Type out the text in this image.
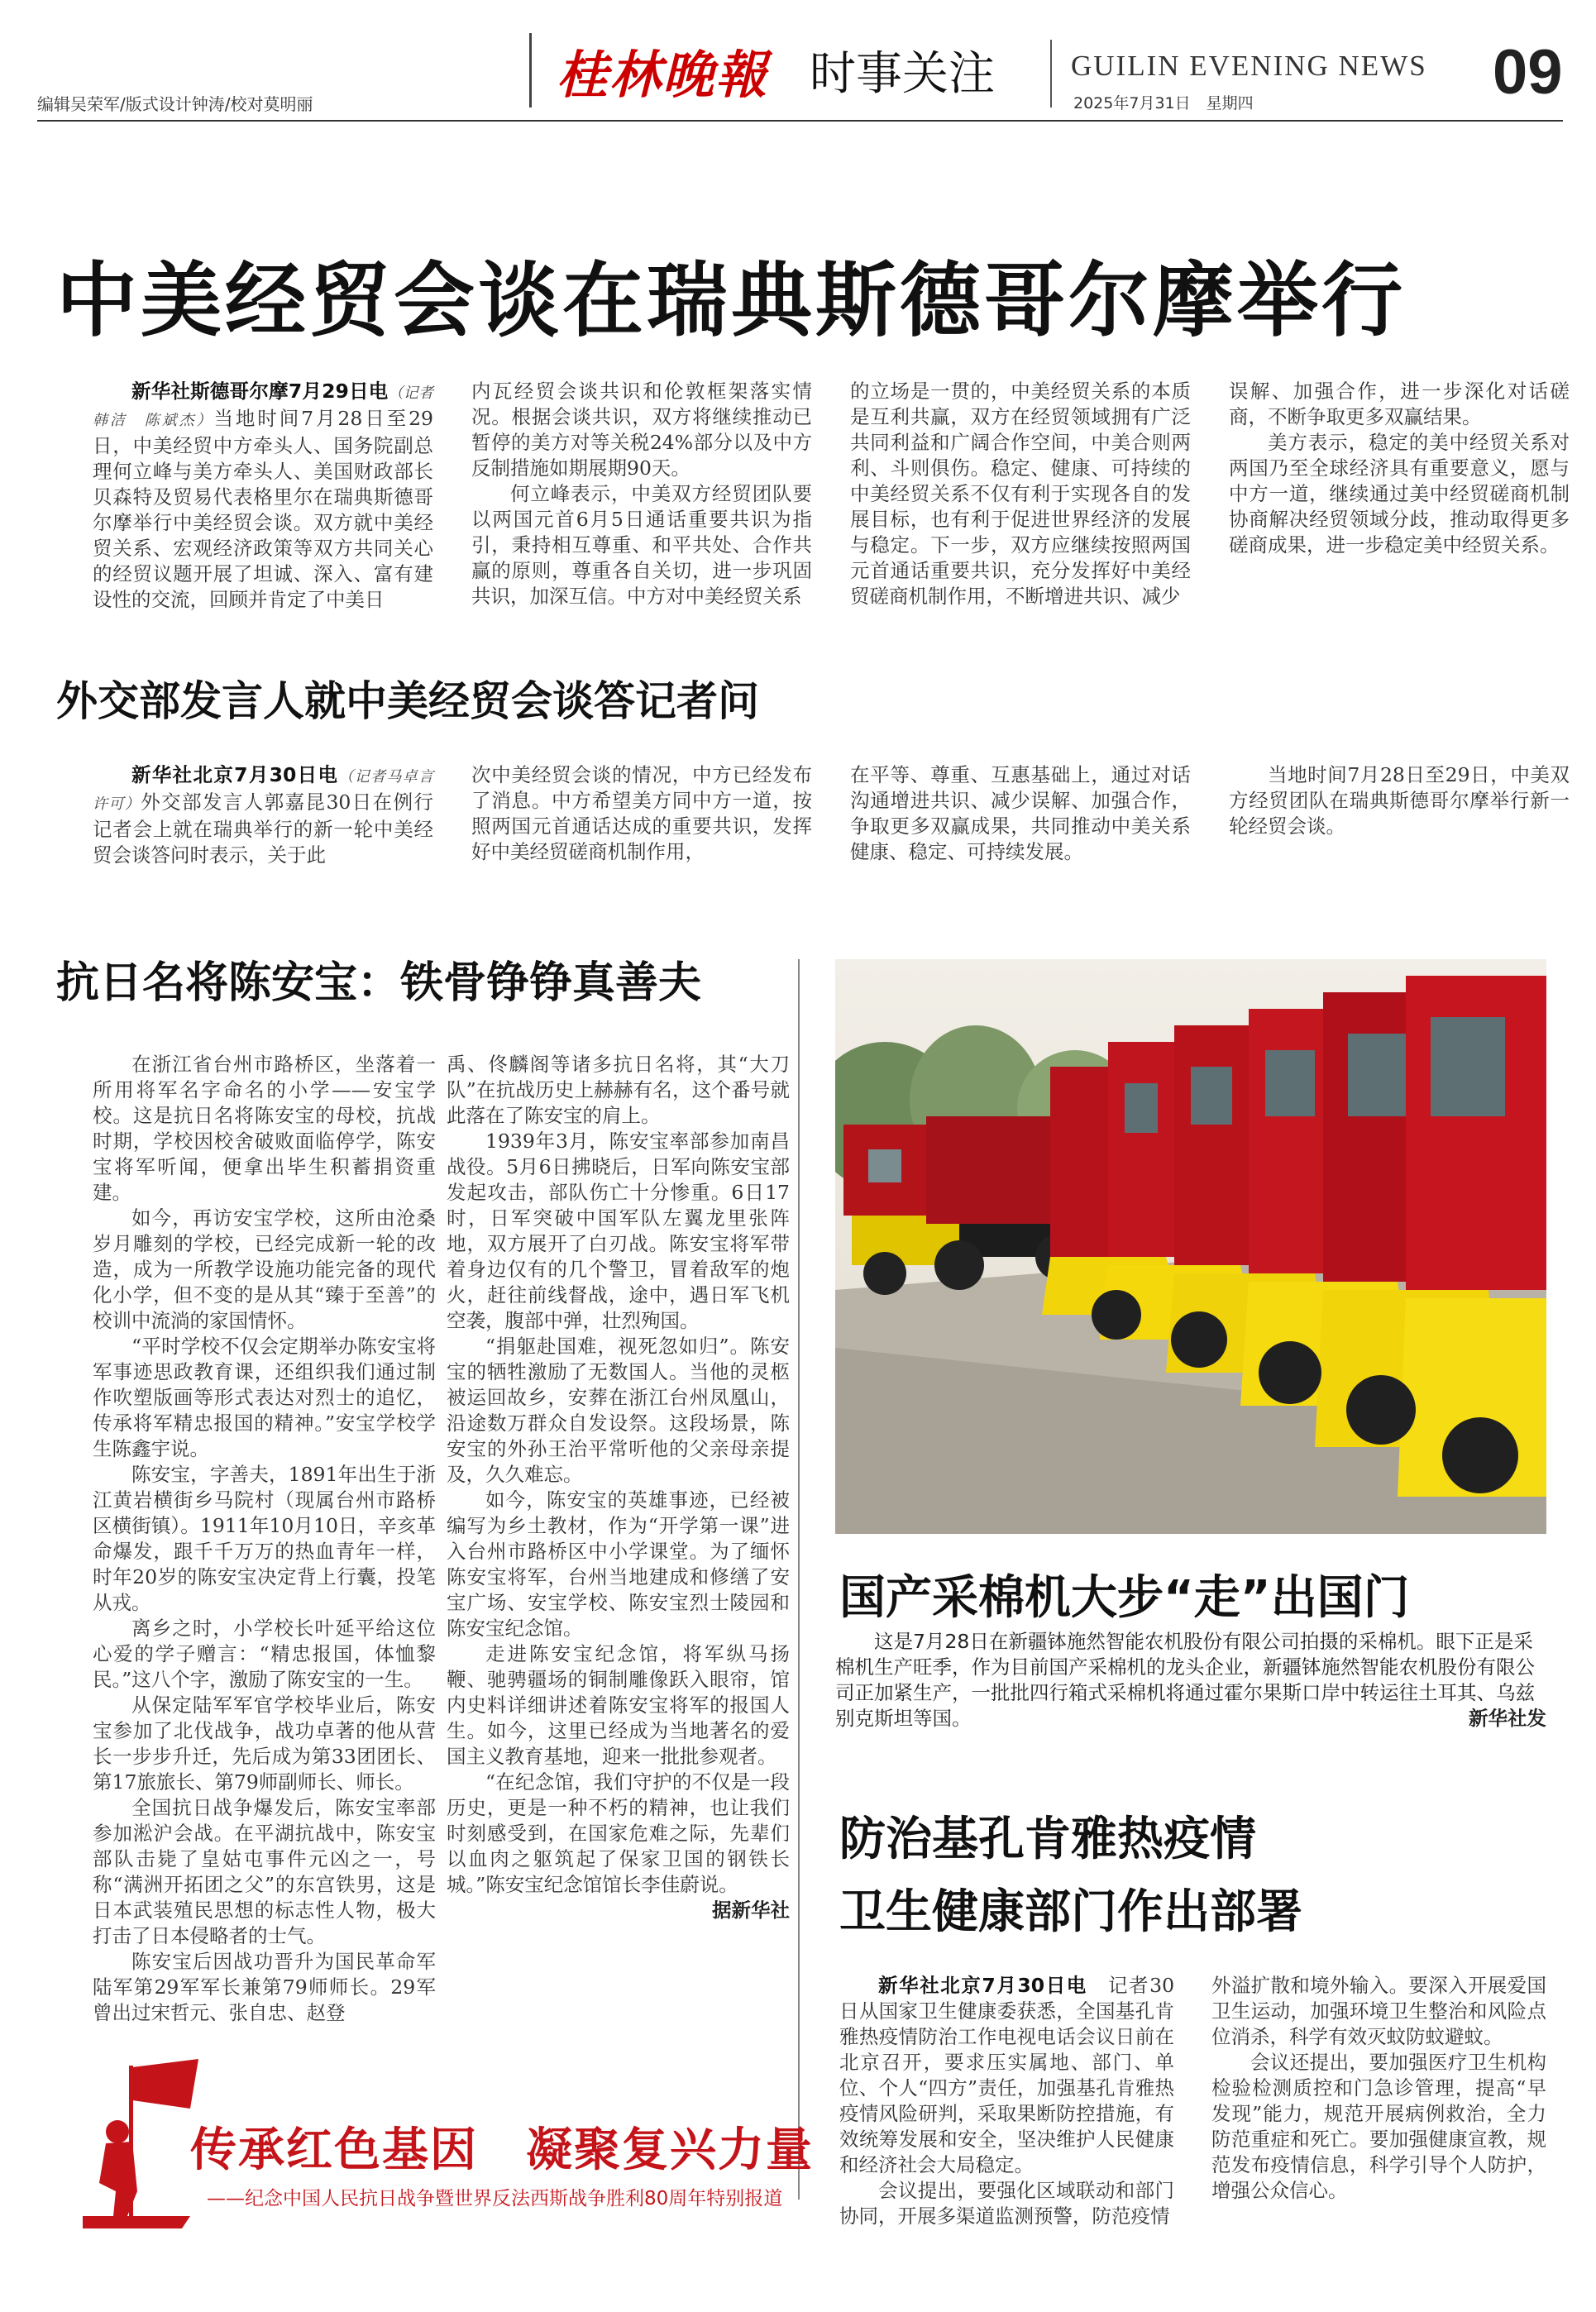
编辑吴荣军/版式设计钟涛/校对莫明丽	桂林晚報 时事关注	GUILIN EVENING NEWS
2025年7月31日　星期四	09
中美经贸会谈在瑞典斯德哥尔摩举行

新华社斯德哥尔摩7月29日电（记者韩洁　陈斌杰）当地时间7月28日至29日，中美经贸中方牵头人、国务院副总理何立峰与美方牵头人、美国财政部长贝森特及贸易代表格里尔在瑞典斯德哥尔摩举行中美经贸会谈。双方就中美经贸关系、宏观经济政策等双方共同关心的经贸议题开展了坦诚、深入、富有建设性的交流，回顾并肯定了中美日

内瓦经贸会谈共识和伦敦框架落实情况。根据会谈共识，双方将继续推动已暂停的美方对等关税24%部分以及中方反制措施如期展期90天。

何立峰表示，中美双方经贸团队要以两国元首6月5日通话重要共识为指引，秉持相互尊重、和平共处、合作共赢的原则，尊重各自关切，进一步巩固共识，加深互信。中方对中美经贸关系

的立场是一贯的，中美经贸关系的本质是互利共赢，双方在经贸领域拥有广泛共同利益和广阔合作空间，中美合则两利、斗则俱伤。稳定、健康、可持续的中美经贸关系不仅有利于实现各自的发展目标，也有利于促进世界经济的发展与稳定。下一步，双方应继续按照两国元首通话重要共识，充分发挥好中美经贸磋商机制作用，不断增进共识、减少

误解、加强合作，进一步深化对话磋商，不断争取更多双赢结果。

美方表示，稳定的美中经贸关系对两国乃至全球经济具有重要意义，愿与中方一道，继续通过美中经贸磋商机制协商解决经贸领域分歧，推动取得更多磋商成果，进一步稳定美中经贸关系。

外交部发言人就中美经贸会谈答记者问

新华社北京7月30日电（记者马卓言　许可）外交部发言人郭嘉昆30日在例行记者会上就在瑞典举行的新一轮中美经贸会谈答问时表示，关于此

次中美经贸会谈的情况，中方已经发布了消息。中方希望美方同中方一道，按照两国元首通话达成的重要共识，发挥好中美经贸磋商机制作用，

在平等、尊重、互惠基础上，通过对话沟通增进共识、减少误解、加强合作，争取更多双赢成果，共同推动中美关系健康、稳定、可持续发展。

当地时间7月28日至29日，中美双方经贸团队在瑞典斯德哥尔摩举行新一轮经贸会谈。

抗日名将陈安宝：铁骨铮铮真善夫

在浙江省台州市路桥区，坐落着一所用将军名字命名的小学——安宝学校。这是抗日名将陈安宝的母校，抗战时期，学校因校舍破败面临停学，陈安宝将军听闻，便拿出毕生积蓄捐资重建。

如今，再访安宝学校，这所由沧桑岁月雕刻的学校，已经完成新一轮的改造，成为一所教学设施功能完备的现代化小学，但不变的是从其“臻于至善”的校训中流淌的家国情怀。

“平时学校不仅会定期举办陈安宝将军事迹思政教育课，还组织我们通过制作吹塑版画等形式表达对烈士的追忆，传承将军精忠报国的精神。”安宝学校学生陈鑫宇说。

陈安宝，字善夫，1891年出生于浙江黄岩横街乡马院村（现属台州市路桥区横街镇）。1911年10月10日，辛亥革命爆发，跟千千万万的热血青年一样，时年20岁的陈安宝决定背上行囊，投笔从戎。

离乡之时，小学校长叶延平给这位心爱的学子赠言：“精忠报国，体恤黎民。”这八个字，激励了陈安宝的一生。

从保定陆军军官学校毕业后，陈安宝参加了北伐战争，战功卓著的他从营长一步步升迁，先后成为第33团团长、第17旅旅长、第79师副师长、师长。

全国抗日战争爆发后，陈安宝率部参加淞沪会战。在平湖抗战中，陈安宝部队击毙了皇姑屯事件元凶之一，号称“满洲开拓团之父”的东宫铁男，这是日本武装殖民思想的标志性人物，极大打击了日本侵略者的士气。

陈安宝后因战功晋升为国民革命军陆军第29军军长兼第79师师长。29军曾出过宋哲元、张自忠、赵登

禹、佟麟阁等诸多抗日名将，其“大刀队”在抗战历史上赫赫有名，这个番号就此落在了陈安宝的肩上。

1939年3月，陈安宝率部参加南昌战役。5月6日拂晓后，日军向陈安宝部发起攻击，部队伤亡十分惨重。6日17时，日军突破中国军队左翼龙里张阵地，双方展开了白刃战。陈安宝将军带着身边仅有的几个警卫，冒着敌军的炮火，赶往前线督战，途中，遇日军飞机空袭，腹部中弹，壮烈殉国。

“捐躯赴国难，视死忽如归”。陈安宝的牺牲激励了无数国人。当他的灵柩被运回故乡，安葬在浙江台州凤凰山，沿途数万群众自发设祭。这段场景，陈安宝的外孙王治平常听他的父亲母亲提及，久久难忘。

如今，陈安宝的英雄事迹，已经被编写为乡土教材，作为“开学第一课”进入台州市路桥区中小学课堂。为了缅怀陈安宝将军，台州当地建成和修缮了安宝广场、安宝学校、陈安宝烈士陵园和陈安宝纪念馆。

走进陈安宝纪念馆，将军纵马扬鞭、驰骋疆场的铜制雕像跃入眼帘，馆内史料详细讲述着陈安宝将军的报国人生。如今，这里已经成为当地著名的爱国主义教育基地，迎来一批批参观者。

“在纪念馆，我们守护的不仅是一段历史，更是一种不朽的精神，也让我们时刻感受到，在国家危难之际，先辈们以血肉之躯筑起了保家卫国的钢铁长城。”陈安宝纪念馆馆长李佳蔚说。

据新华社

国产采棉机大步“走”出国门

这是7月28日在新疆钵施然智能农机股份有限公司拍摄的采棉机。眼下正是采棉机生产旺季，作为目前国产采棉机的龙头企业，新疆钵施然智能农机股份有限公司正加紧生产，一批批四行箱式采棉机将通过霍尔果斯口岸中转运往土耳其、乌兹别克斯坦等国。	新华社发

防治基孔肯雅热疫情
卫生健康部门作出部署

新华社北京7月30日电　 记者30日从国家卫生健康委获悉，全国基孔肯雅热疫情防治工作电视电话会议日前在北京召开，要求压实属地、部门、单位、个人“四方”责任，加强基孔肯雅热疫情风险研判，采取果断防控措施，有效统筹发展和安全，坚决维护人民健康和经济社会大局稳定。

会议提出，要强化区域联动和部门协同，开展多渠道监测预警，防范疫情

外溢扩散和境外输入。要深入开展爱国卫生运动，加强环境卫生整治和风险点位消杀，科学有效灭蚊防蚊避蚊。

会议还提出，要加强医疗卫生机构检验检测质控和门急诊管理，提高“早发现”能力，规范开展病例救治，全力防范重症和死亡。要加强健康宣教，规范发布疫情信息，科学引导个人防护，增强公众信心。

传承红色基因　凝聚复兴力量
——纪念中国人民抗日战争暨世界反法西斯战争胜利80周年特别报道
